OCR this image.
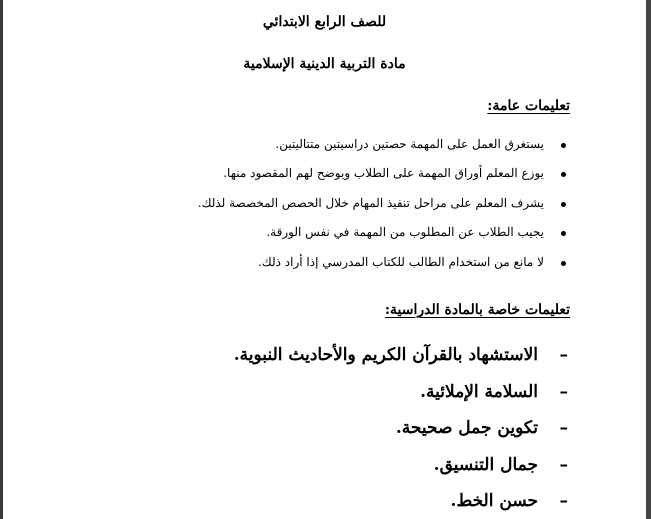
للصف الرابع الابتدائي
مادة التربية الدينية الإسلامية
تعليمات عامة:
يستغرق العمل على المهمة حصتين دراسيتين متتاليتين.
يوزع المعلم أوراق المهمة على الطلاب ويوضح لهم المقصود منها.
يشرف المعلم على مراحل تنفيذ المهام خلال الحصص المخصصة لذلك.
يجيب الطلاب عن المطلوب من المهمة في نفس الورقة.
لا مانع من استخدام الطالب للكتاب المدرسي إذا أراد ذلك.
تعليمات خاصة بالمادة الدراسية:
–
الاستشهاد بالقرآن الكريم والأحاديث النبوية.
–
السلامة الإملائية.
–
تكوين جمل صحيحة.
–
جمال التنسيق.
–
حسن الخط.
